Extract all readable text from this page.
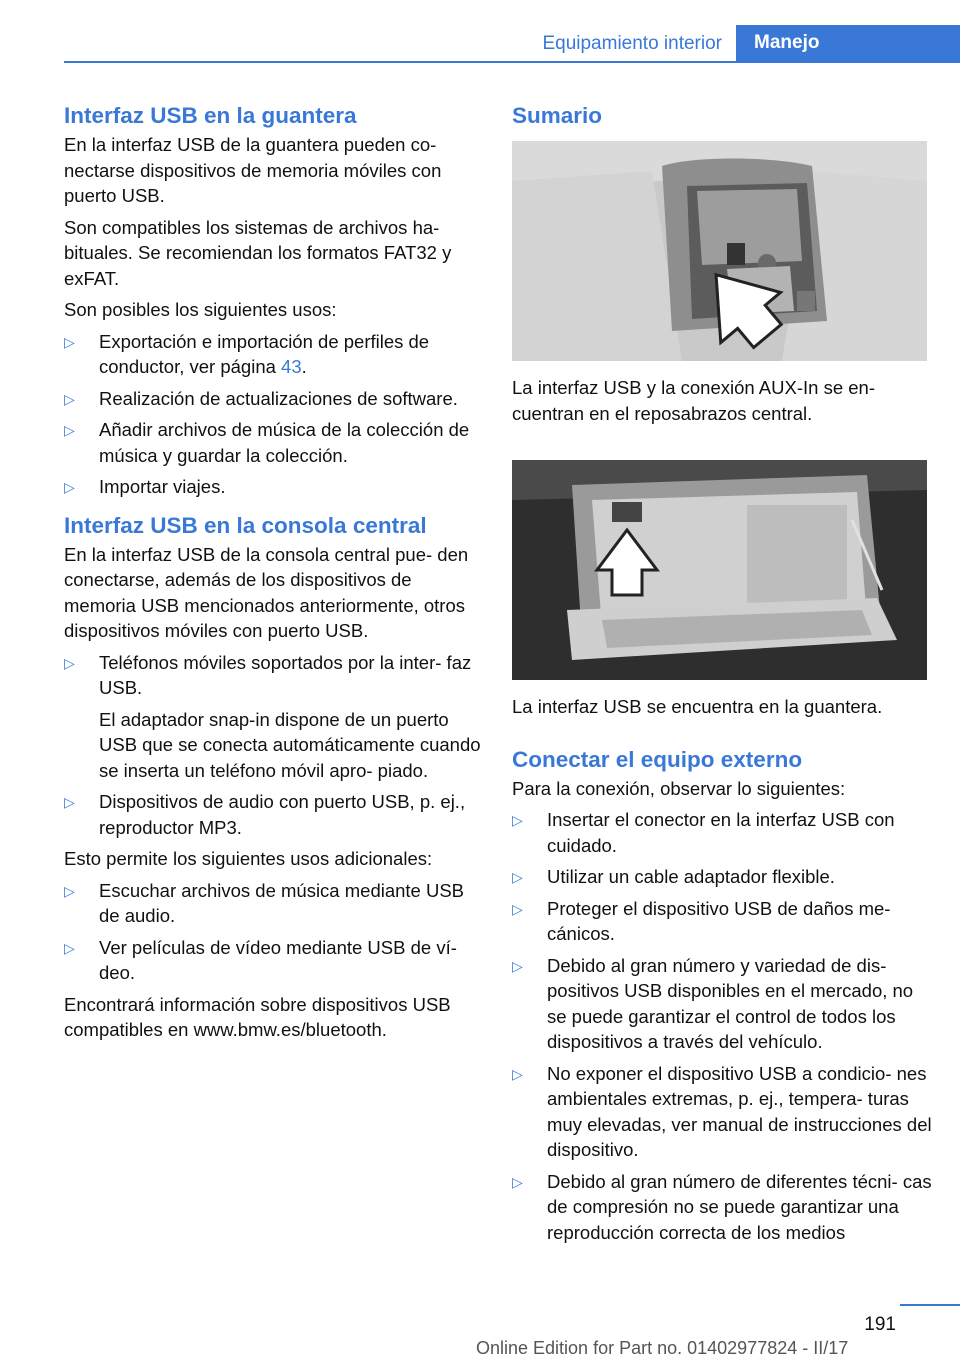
Equipamiento interior	Manejo
Interfaz USB en la guantera

En la interfaz USB de la guantera pueden co‐ nectarse dispositivos de memoria móviles con puerto USB.

Son compatibles los sistemas de archivos ha‐ bituales. Se recomiendan los formatos FAT32 y exFAT.

Son posibles los siguientes usos:

▷ Exportación e importación de perfiles de conductor, ver página 43.
▷ Realización de actualizaciones de software.
▷ Añadir archivos de música de la colección de música y guardar la colección.
▷ Importar viajes.
Interfaz USB en la consola central

En la interfaz USB de la consola central pue‐ den conectarse, además de los dispositivos de memoria USB mencionados anteriormente, otros dispositivos móviles con puerto USB.

▷ Teléfonos móviles soportados por la inter‐ faz USB.

El adaptador snap-in dispone de un puerto USB que se conecta automáticamente cuando se inserta un teléfono móvil apro‐ piado.

▷ Dispositivos de audio con puerto USB, p. ej., reproductor MP3.

Esto permite los siguientes usos adicionales:

▷ Escuchar archivos de música mediante USB de audio.
▷ Ver películas de vídeo mediante USB de ví‐ deo.

Encontrará información sobre dispositivos USB compatibles en www.bmw.es/bluetooth.

Sumario

La interfaz USB y la conexión AUX-In se en‐ cuentran en el reposabrazos central.

La interfaz USB se encuentra en la guantera.

Conectar el equipo externo

Para la conexión, observar lo siguientes:

▷ Insertar el conector en la interfaz USB con cuidado.
▷ Utilizar un cable adaptador flexible.
▷ Proteger el dispositivo USB de daños me‐ cánicos.
▷ Debido al gran número y variedad de dis‐ positivos USB disponibles en el mercado, no se puede garantizar el control de todos los dispositivos a través del vehículo.
▷ No exponer el dispositivo USB a condicio‐ nes ambientales extremas, p. ej., tempera‐ turas muy elevadas, ver manual de instrucciones del dispositivo.
▷ Debido al gran número de diferentes técni‐ cas de compresión no se puede garantizar una reproducción correcta de los medios
191
Online Edition for Part no. 01402977824 - II/17
